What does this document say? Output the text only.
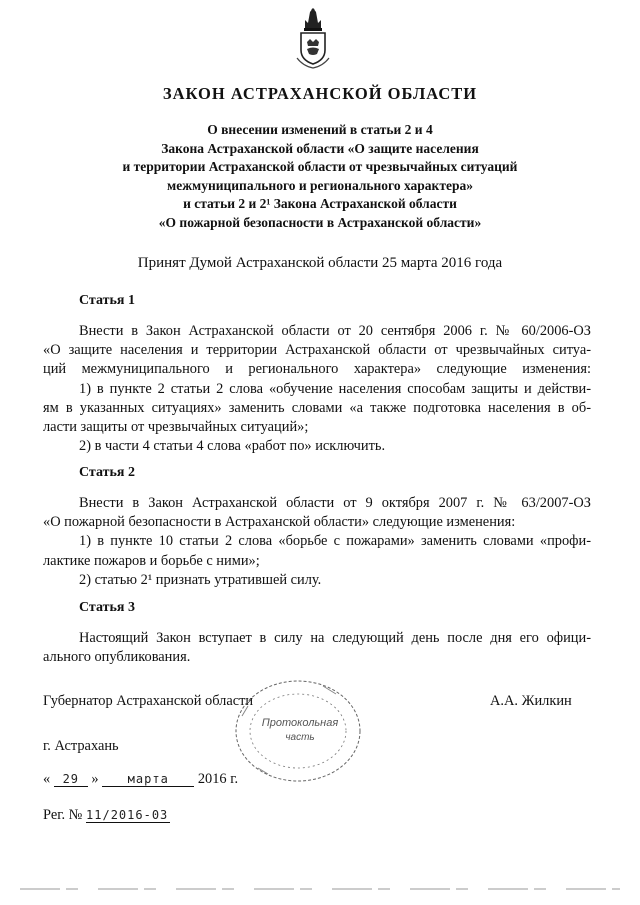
ЗАКОН АСТРАХАНСКОЙ ОБЛАСТИ
О внесении изменений в статьи 2 и 4
Закона Астраханской области «О защите населения
и территории Астраханской области от чрезвычайных ситуаций
межмуниципального и регионального характера»
и статьи 2 и 2¹ Закона Астраханской области
«О пожарной безопасности в Астраханской области»
Принят Думой Астраханской области 25 марта 2016 года
Статья 1
Внести в Закон Астраханской области от 20 сентября 2006 г. № 60/2006-ОЗ
«О защите населения и территории Астраханской области от чрезвычайных ситуа-
ций межмуниципального и регионального характера» следующие изменения:
1) в пункте 2 статьи 2 слова «обучение населения способам защиты и действи-
ям в указанных ситуациях» заменить словами «а также подготовка населения в об-
ласти защиты от чрезвычайных ситуаций»;
2) в части 4 статьи 4 слова «работ по» исключить.
Статья 2
Внести в Закон Астраханской области от 9 октября 2007 г. № 63/2007-ОЗ
«О пожарной безопасности в Астраханской области» следующие изменения:
1) в пункте 10 статьи 2 слова «борьбе с пожарами» заменить словами «профи-
лактике пожаров и борьбе с ними»;
2) статью 2¹ признать утратившей силу.
Статья 3
Настоящий Закон вступает в силу на следующий день после дня его офици-
ального опубликования.
Губернатор Астраханской области	А.А. Жилкин
Протокольная
часть
г. Астрахань
« 29 » марта 2016 г.
Рег. № 11/2016-03
